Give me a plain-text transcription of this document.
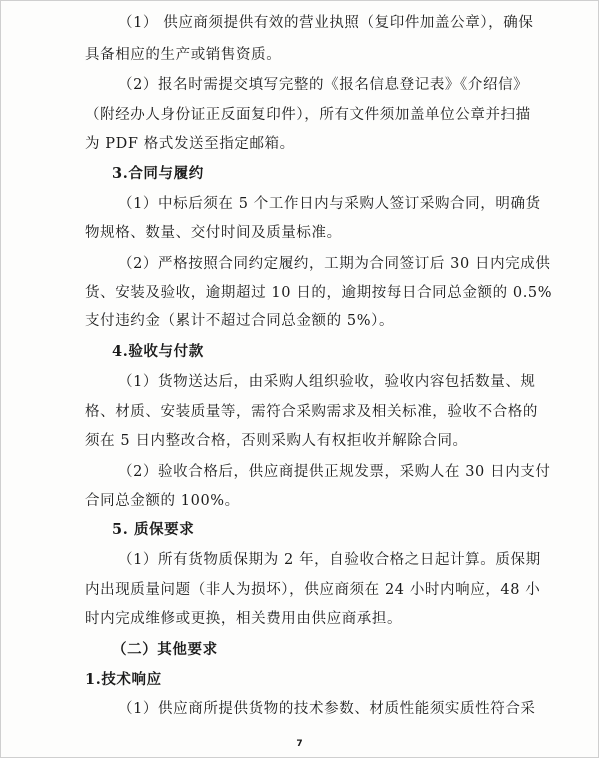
（1） 供应商须提供有效的营业执照（复印件加盖公章），确保
具备相应的生产或销售资质。
（2）报名时需提交填写完整的《报名信息登记表》《介绍信》
（附经办人身份证正反面复印件），所有文件须加盖单位公章并扫描
为 PDF 格式发送至指定邮箱。
3.合同与履约
（1）中标后须在 5 个工作日内与采购人签订采购合同，明确货
物规格、数量、交付时间及质量标准。
（2）严格按照合同约定履约，工期为合同签订后 30 日内完成供
货、安装及验收，逾期超过 10 日的，逾期按每日合同总金额的 0.5%
支付违约金（累计不超过合同总金额的 5%）。
4.验收与付款
（1）货物送达后，由采购人组织验收，验收内容包括数量、规
格、材质、安装质量等，需符合采购需求及相关标准，验收不合格的
须在 5 日内整改合格，否则采购人有权拒收并解除合同。
（2）验收合格后，供应商提供正规发票，采购人在 30 日内支付
合同总金额的 100%。
5. 质保要求
（1）所有货物质保期为 2 年，自验收合格之日起计算。质保期
内出现质量问题（非人为损坏），供应商须在 24 小时内响应，48 小
时内完成维修或更换，相关费用由供应商承担。
（二）其他要求
1.技术响应
（1）供应商所提供货物的技术参数、材质性能须实质性符合采
7
